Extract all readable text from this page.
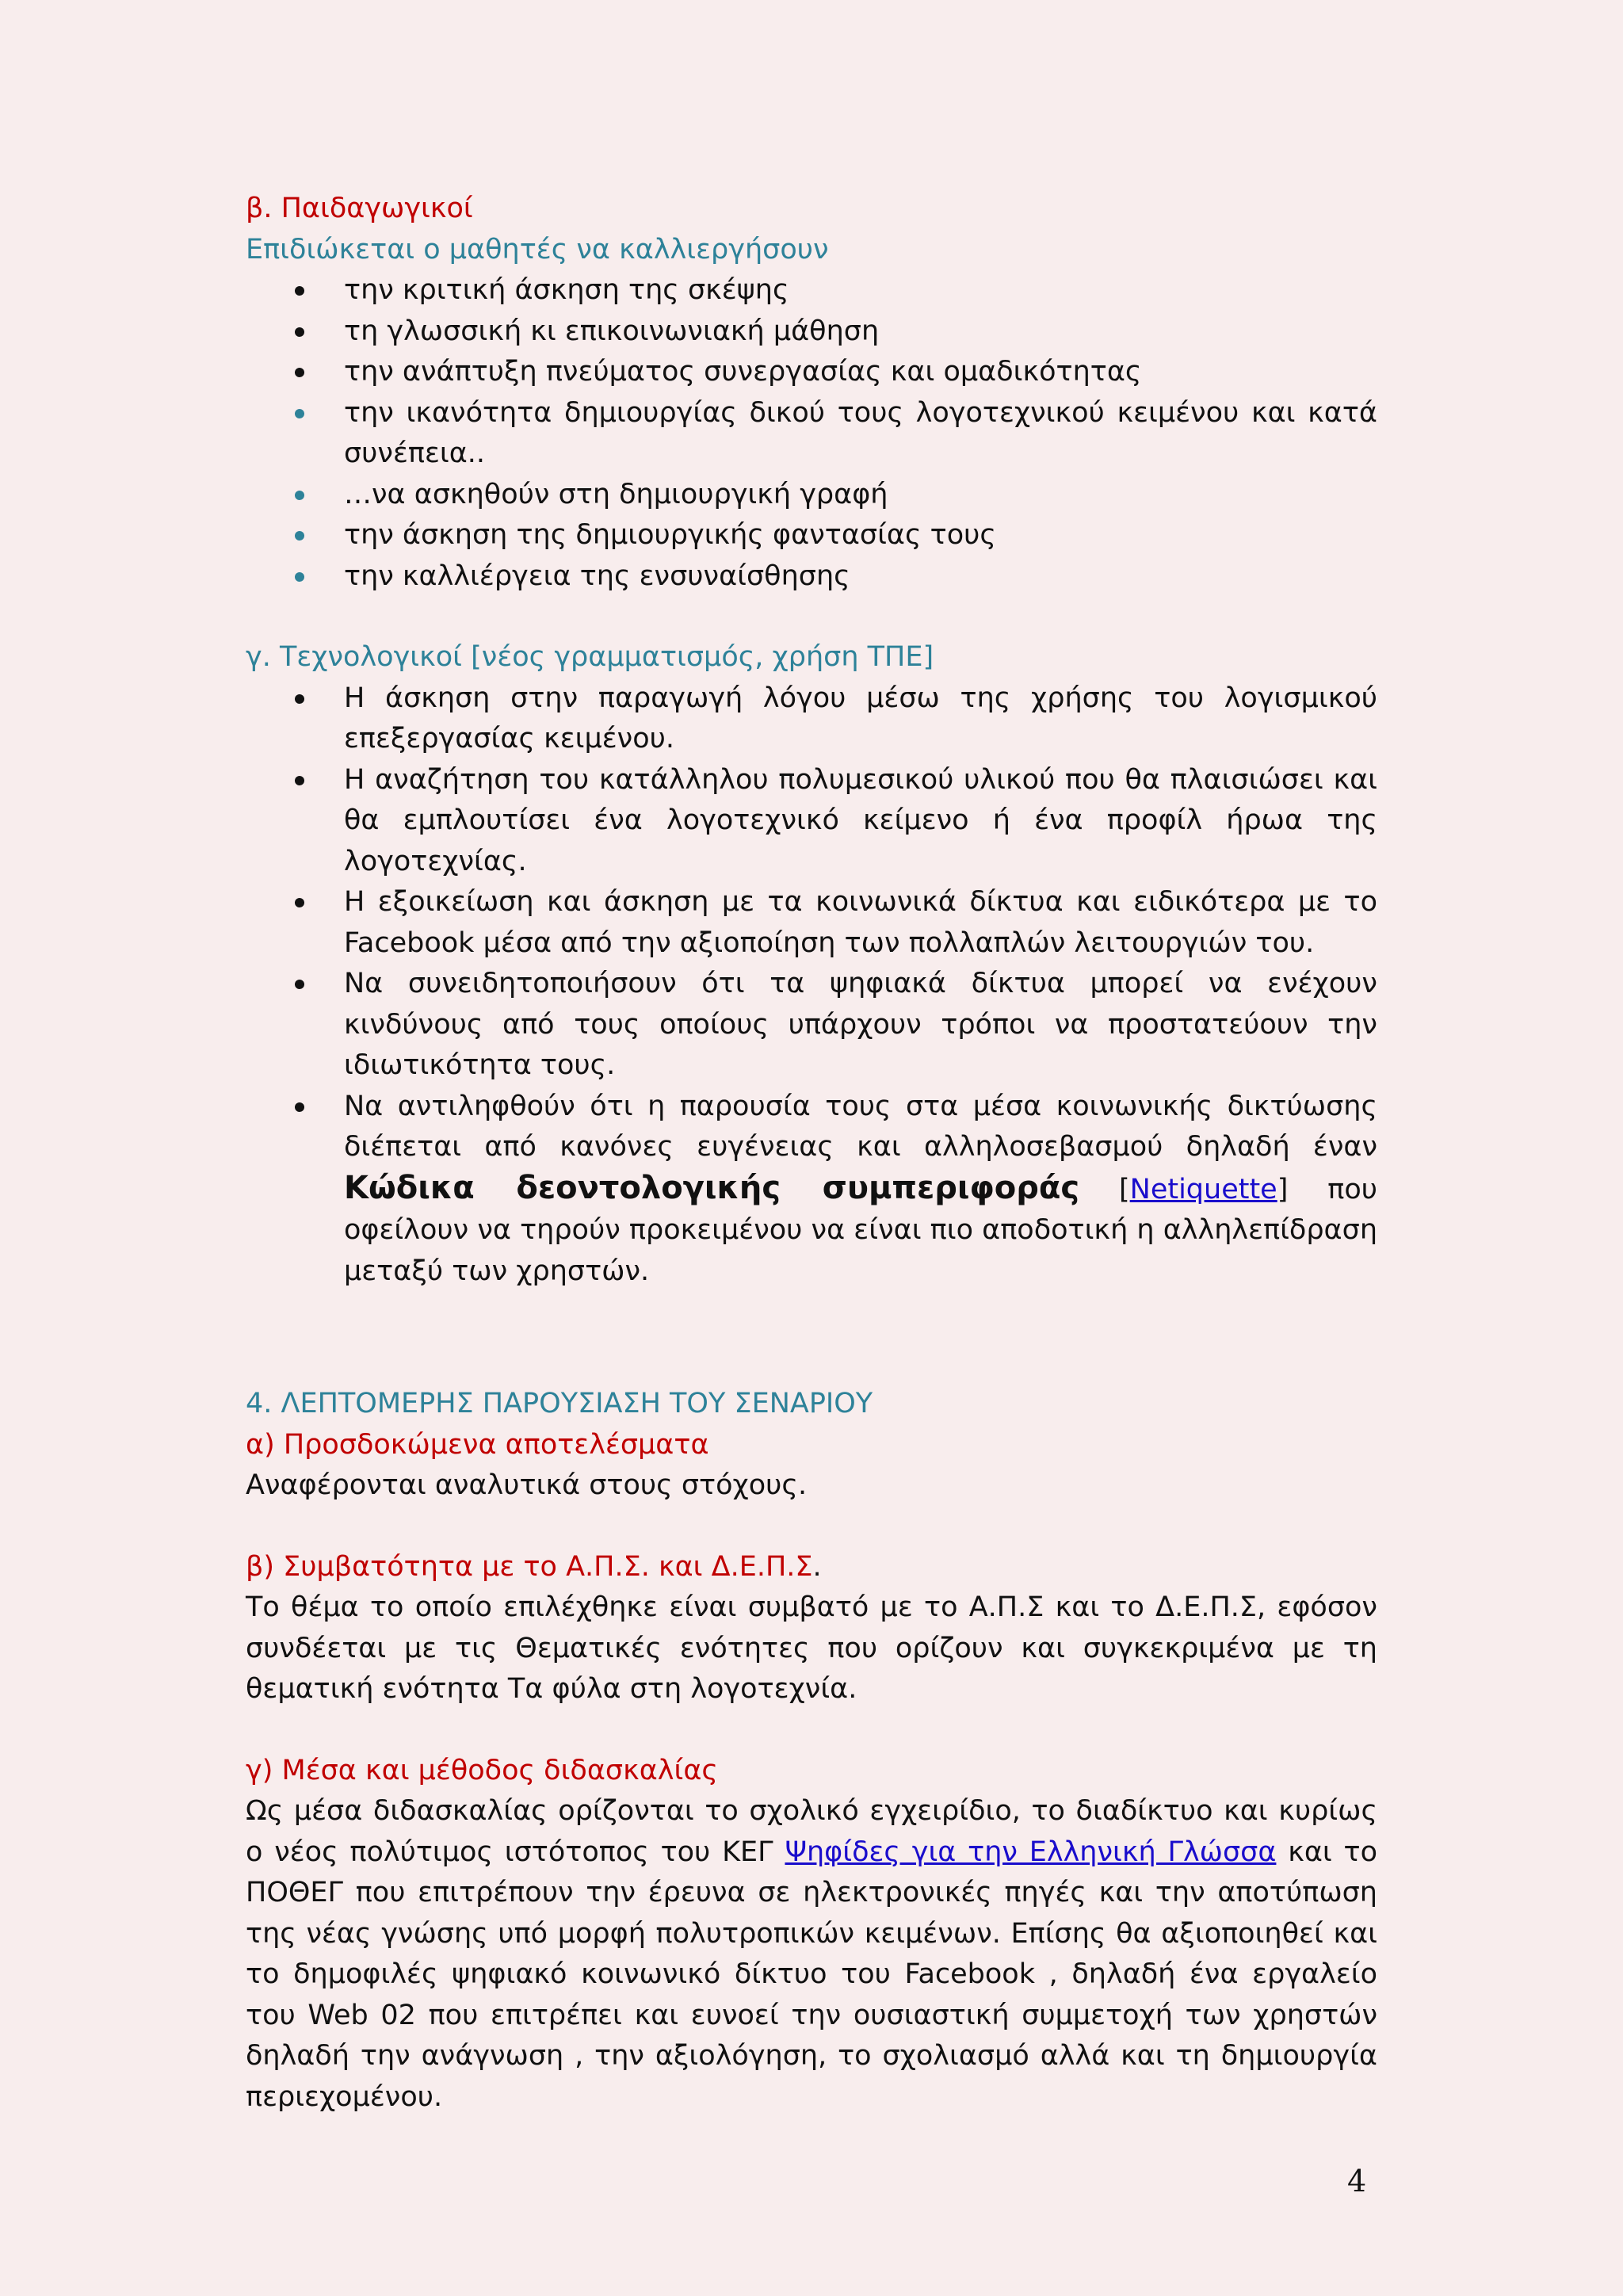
β. Παιδαγωγικοί

Επιδιώκεται ο μαθητές να καλλιεργήσουν

την κριτική άσκηση της σκέψης
τη γλωσσική κι επικοινωνιακή μάθηση
την ανάπτυξη πνεύματος συνεργασίας και ομαδικότητας
την ικανότητα δημιουργίας δικού τους λογοτεχνικού κειμένου και κατά συνέπεια..
…να ασκηθούν στη δημιουργική γραφή
την άσκηση της δημιουργικής φαντασίας τους
την καλλιέργεια της ενσυναίσθησης

γ. Τεχνολογικοί [νέος γραμματισμός, χρήση ΤΠΕ]

Η άσκηση στην παραγωγή λόγου μέσω της χρήσης του λογισμικού επεξεργασίας κειμένου.
Η αναζήτηση του κατάλληλου πολυμεσικού υλικού που θα πλαισιώσει και θα εμπλουτίσει ένα λογοτεχνικό κείμενο ή ένα προφίλ ήρωα της λογοτεχνίας.
Η εξοικείωση και άσκηση με τα κοινωνικά δίκτυα και ειδικότερα με το Facebook μέσα από την αξιοποίηση των πολλαπλών λειτουργιών του.
Να συνειδητοποιήσουν ότι τα ψηφιακά δίκτυα μπορεί να ενέχουν κινδύνους από τους οποίους υπάρχουν τρόποι να προστατεύουν την ιδιωτικότητα τους.
Να αντιληφθούν ότι η παρουσία τους στα μέσα κοινωνικής δικτύωσης διέπεται από κανόνες ευγένειας και αλληλοσεβασμού δηλαδή έναν Κώδικα δεοντολογικής συμπεριφοράς [Netiquette] που οφείλουν να τηρούν προκειμένου να είναι πιο αποδοτική η αλληλεπίδραση μεταξύ των χρηστών.

4. ΛΕΠΤΟΜΕΡΗΣ ΠΑΡΟΥΣΙΑΣΗ ΤΟΥ ΣΕΝΑΡΙΟΥ

α) Προσδοκώμενα αποτελέσματα

Αναφέρονται αναλυτικά στους στόχους.

β) Συμβατότητα με το Α.Π.Σ. και Δ.Ε.Π.Σ.

Το θέμα το οποίο επιλέχθηκε είναι συμβατό με το Α.Π.Σ και το Δ.Ε.Π.Σ, εφόσον συνδέεται με τις Θεματικές ενότητες που ορίζουν και συγκεκριμένα με τη θεματική ενότητα Τα φύλα στη λογοτεχνία.

γ) Μέσα και μέθοδος διδασκαλίας

Ως μέσα διδασκαλίας ορίζονται το σχολικό εγχειρίδιο, το διαδίκτυο και κυρίως ο νέος πολύτιμος ιστότοπος του ΚΕΓ Ψηφίδες για την Ελληνική Γλώσσα και το ΠΟΘΕΓ που επιτρέπουν την έρευνα σε ηλεκτρονικές πηγές και την αποτύπωση της νέας γνώσης υπό μορφή πολυτροπικών κειμένων. Επίσης θα αξιοποιηθεί και το δημοφιλές ψηφιακό κοινωνικό δίκτυο του Facebook , δηλαδή ένα εργαλείο του Web 02 που επιτρέπει και ευνοεί την ουσιαστική συμμετοχή των χρηστών δηλαδή την ανάγνωση , την αξιολόγηση, το σχολιασμό αλλά και τη δημιουργία περιεχομένου.

4
